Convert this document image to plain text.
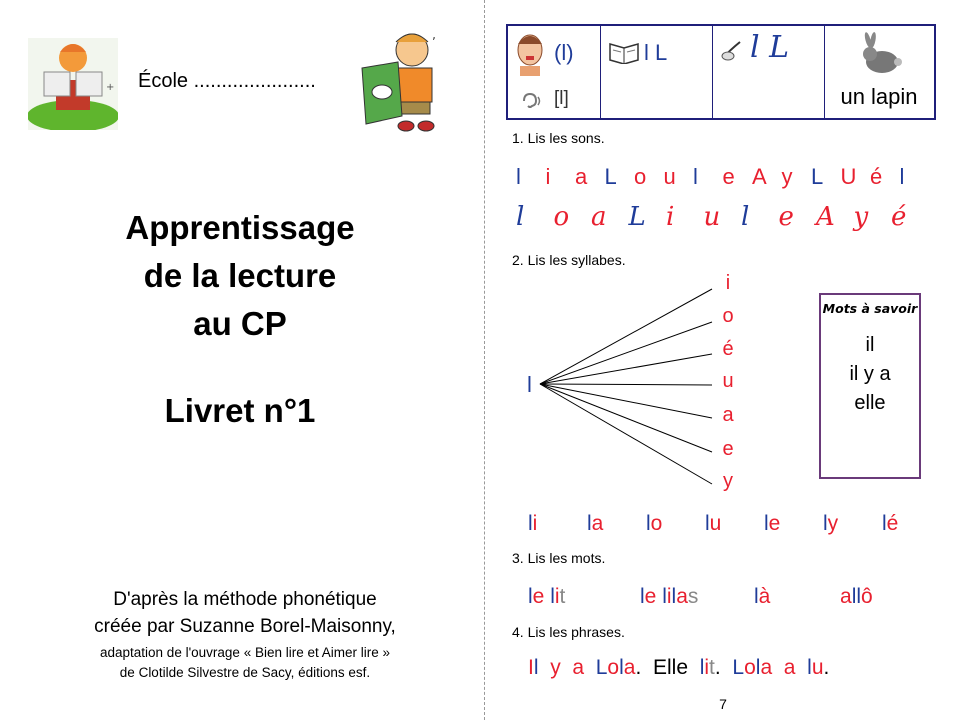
+ École ......................
ʼ
Apprentissage
de la lecture
au CP
Livret n°1
D'après la méthode phonétique
créée par Suzanne Borel-Maisonny,
adaptation de l'ouvrage « Bien lire et Aimer lire »
de Clotilde Silvestre de Sacy, éditions esf.
(l)
[l]
l L	l L
un lapin
1. Lis les sons.
l i a L o u l e A y L U é l
l o a L i u l e A y é
2. Lis les syllabes.
l
i
o
é
u
a
e
y
Mots à savoir
il
il y a
elle
li la lo lu le ly lé
3. Lis les mots.
le lit	le lilas	là	allô
4. Lis les phrases.
Il y a Lola.  Elle lit.  Lola a lu.
7
